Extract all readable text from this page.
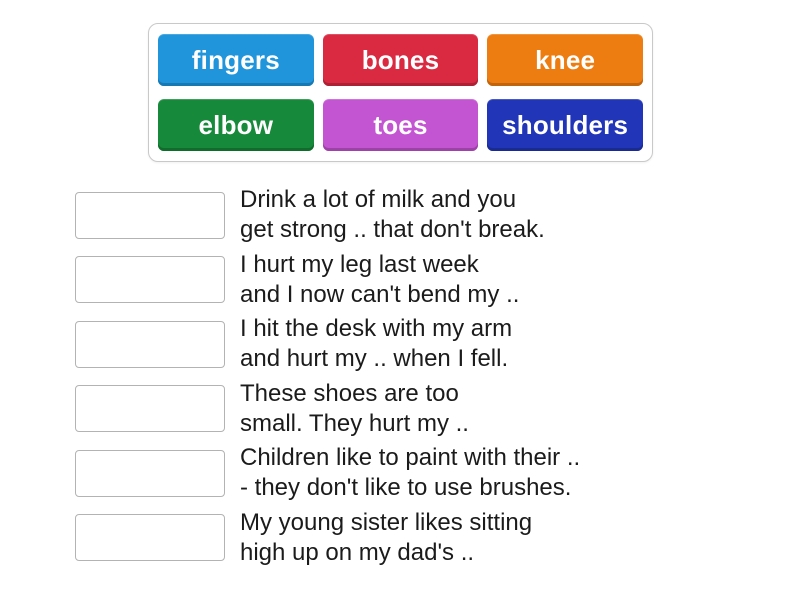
fingers	bones	knee
elbow	toes	shoulders
Drink a lot of milk and you
get strong .. that don't break.
I hurt my leg last week
and I now can't bend my ..
I hit the desk with my arm
and hurt my .. when I fell.
These shoes are too
small. They hurt my ..
Children like to paint with their ..
- they don't like to use brushes.
My young sister likes sitting
high up on my dad's ..
